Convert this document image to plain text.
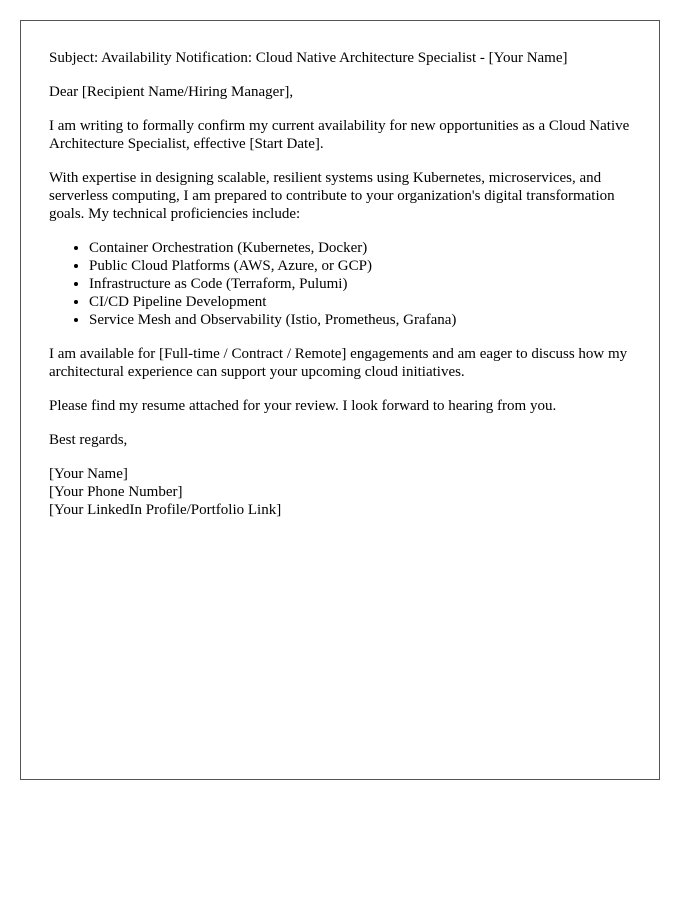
Subject: Availability Notification: Cloud Native Architecture Specialist - [Your Name]

Dear [Recipient Name/Hiring Manager],

I am writing to formally confirm my current availability for new opportunities as a Cloud Native Architecture Specialist, effective [Start Date].

With expertise in designing scalable, resilient systems using Kubernetes, microservices, and serverless computing, I am prepared to contribute to your organization's digital transformation goals. My technical proficiencies include:

• Container Orchestration (Kubernetes, Docker)
• Public Cloud Platforms (AWS, Azure, or GCP)
• Infrastructure as Code (Terraform, Pulumi)
• CI/CD Pipeline Development
• Service Mesh and Observability (Istio, Prometheus, Grafana)

I am available for [Full-time / Contract / Remote] engagements and am eager to discuss how my architectural experience can support your upcoming cloud initiatives.

Please find my resume attached for your review. I look forward to hearing from you.

Best regards,

[Your Name]
[Your Phone Number]
[Your LinkedIn Profile/Portfolio Link]
